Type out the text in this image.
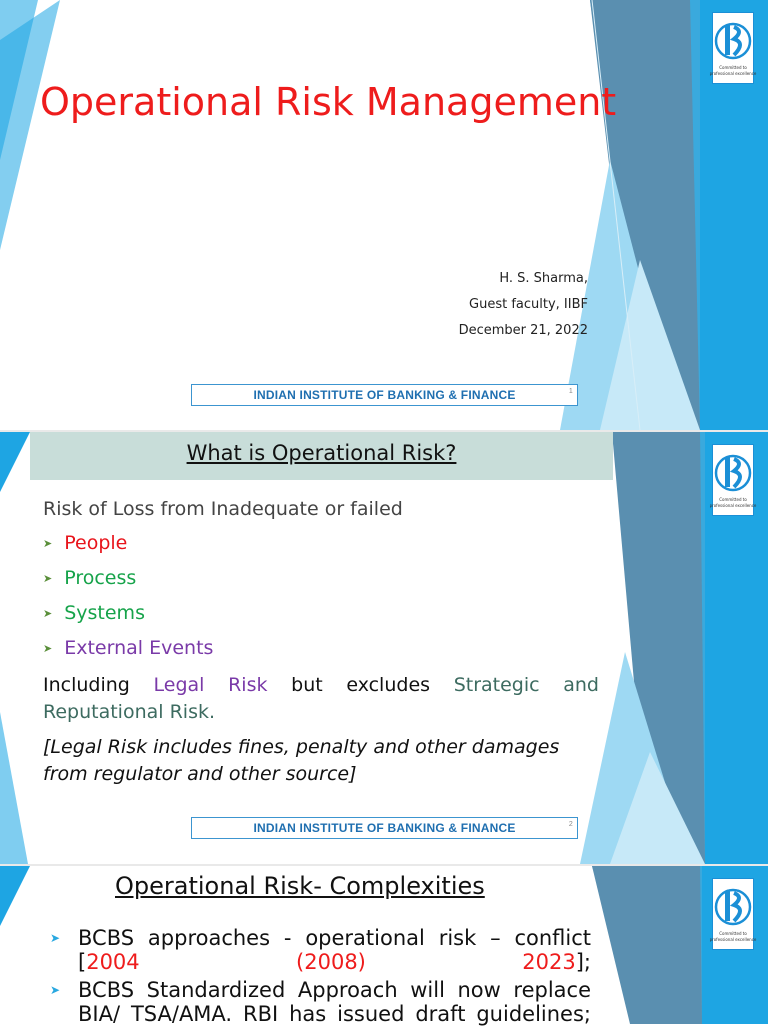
Committed to
professional excellence
Operational Risk Management
H. S. Sharma,
Guest faculty, IIBF
December 21, 2022
INDIAN INSTITUTE OF BANKING & FINANCE	1
Committed to
professional excellence
What is Operational Risk?
Risk of Loss from Inadequate or failed
➤ People
➤ Process
➤ Systems
➤ External Events
Including Legal Risk but excludes Strategic and Reputational Risk.
[Legal Risk includes fines, penalty and other damages from regulator and other source]
INDIAN INSTITUTE OF BANKING & FINANCE	2
Committed to
professional excellence
Operational Risk- Complexities
➤ BCBS approaches - operational risk – conflict [2004 (2008) 2023];
➤ BCBS Standardized Approach will now replace
BIA/ TSA/AMA. RBI has issued draft guidelines;
